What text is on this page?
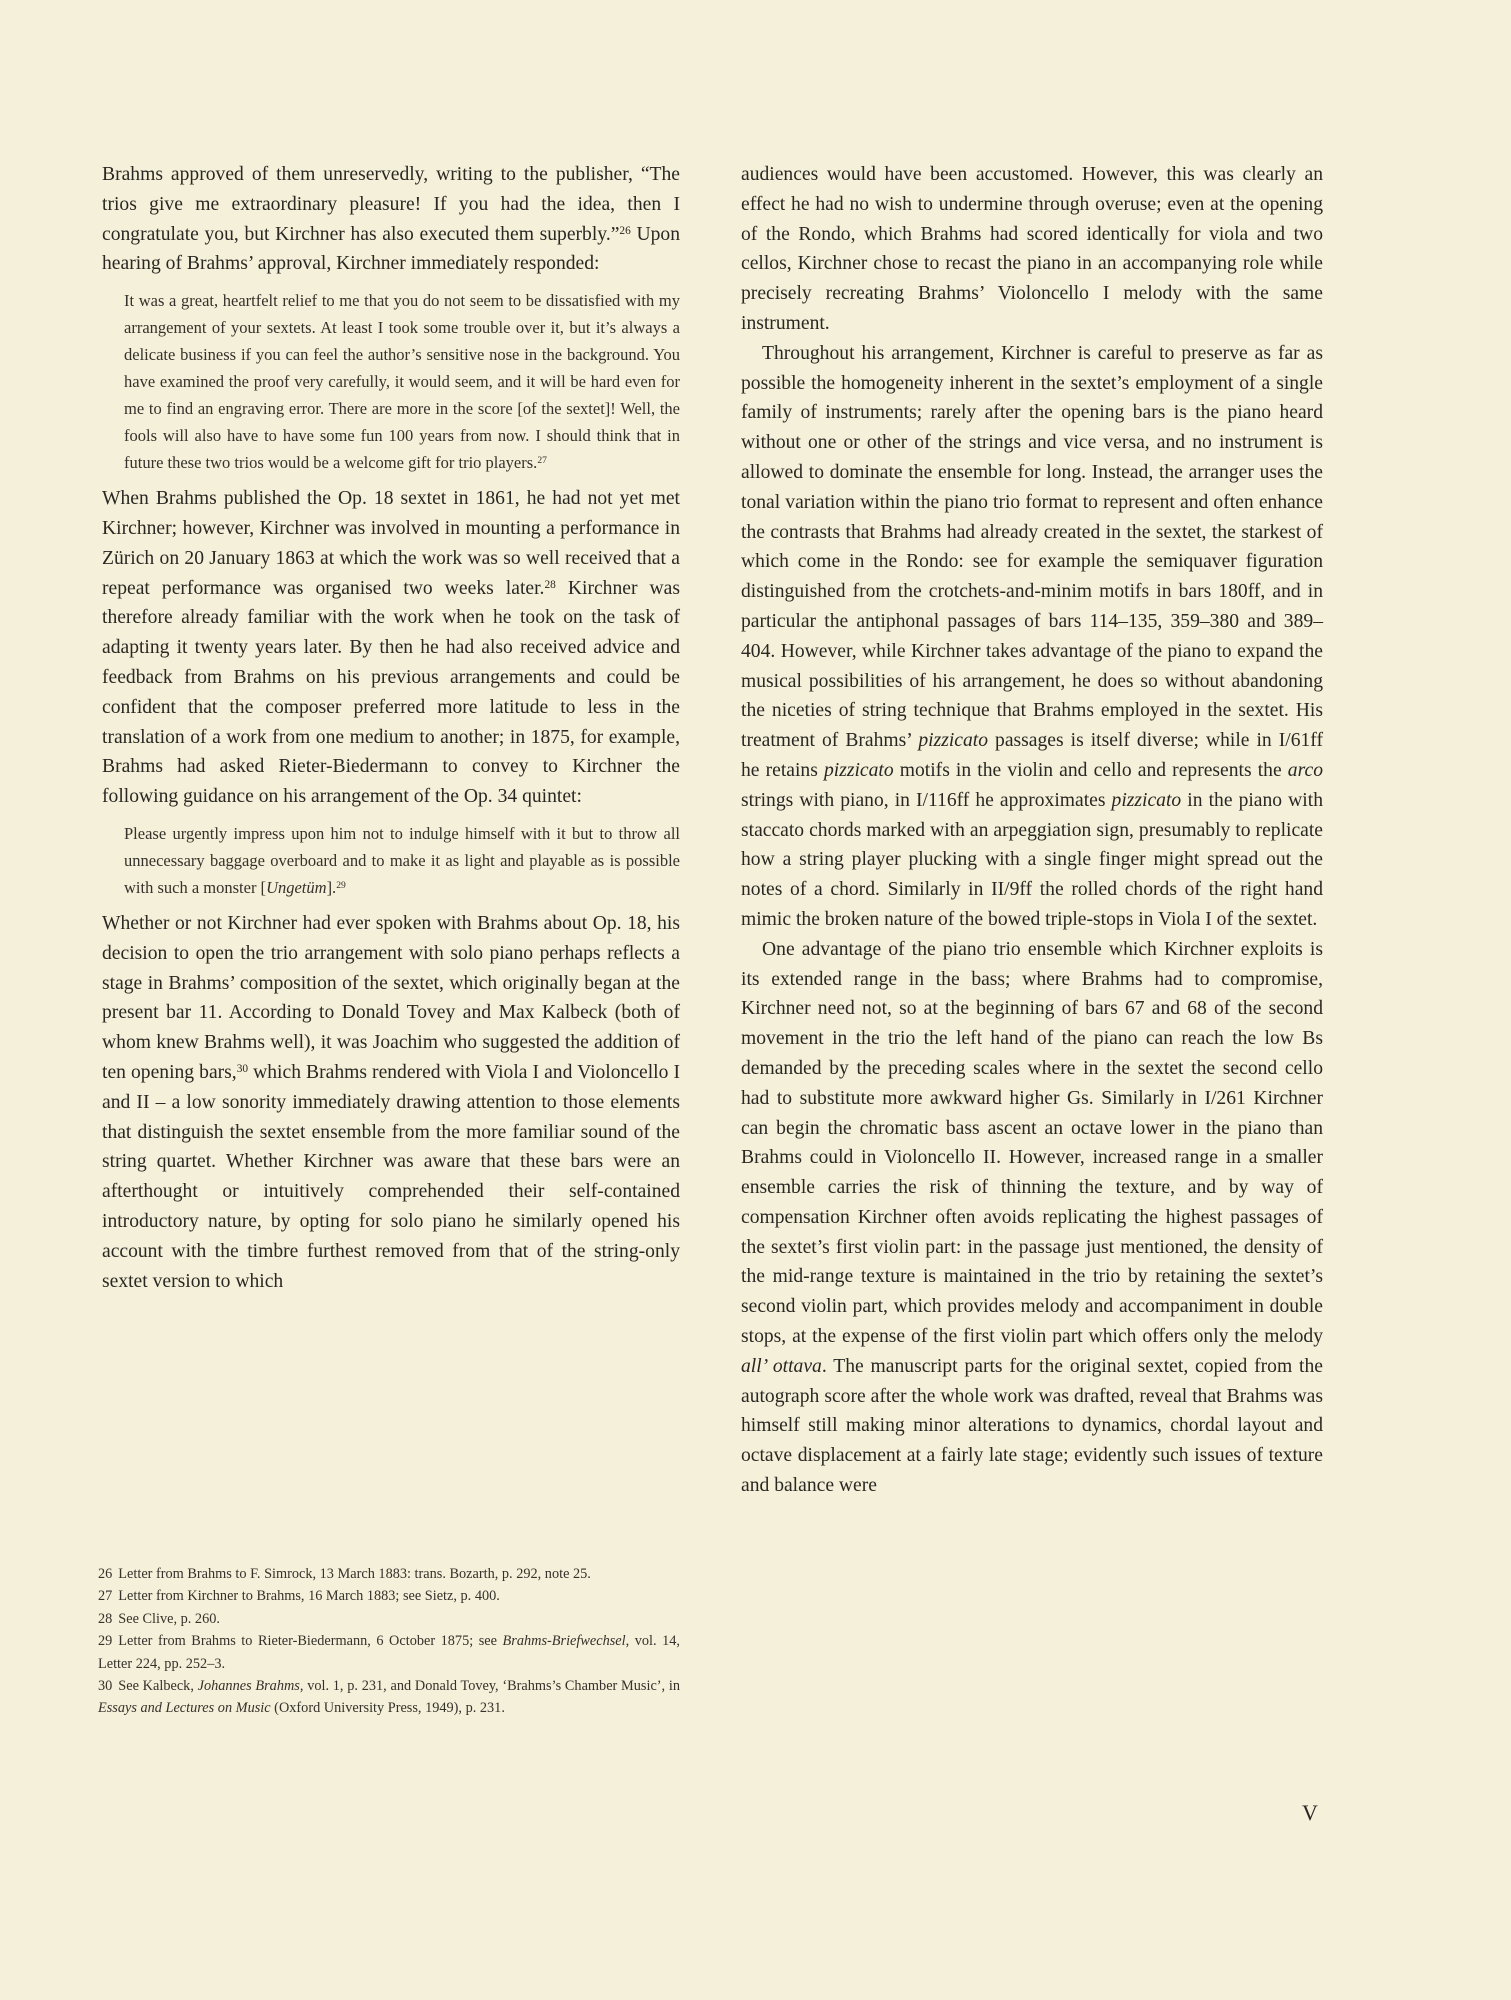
Brahms approved of them unreservedly, writing to the publisher, “The trios give me extraordinary pleasure! If you had the idea, then I congratulate you, but Kirchner has also executed them superbly.”$^{26}$ Upon hearing of Brahms’ approval, Kirchner immediately responded:

It was a great, heartfelt relief to me that you do not seem to be dissatisfied with my arrangement of your sextets. At least I took some trouble over it, but it’s always a delicate business if you can feel the author’s sensitive nose in the background. You have examined the proof very carefully, it would seem, and it will be hard even for me to find an engraving error. There are more in the score [of the sextet]! Well, the fools will also have to have some fun 100 years from now. I should think that in future these two trios would be a welcome gift for trio players.$^{27}$

When Brahms published the Op. 18 sextet in 1861, he had not yet met Kirchner; however, Kirchner was involved in mounting a performance in Zürich on 20 January 1863 at which the work was so well received that a repeat performance was organised two weeks later.$^{28}$ Kirchner was therefore already familiar with the work when he took on the task of adapting it twenty years later. By then he had also received advice and feedback from Brahms on his previous arrangements and could be confident that the composer preferred more latitude to less in the translation of a work from one medium to another; in 1875, for example, Brahms had asked Rieter-Biedermann to convey to Kirchner the following guidance on his arrangement of the Op. 34 quintet:

Please urgently impress upon him not to indulge himself with it but to throw all unnecessary baggage overboard and to make it as light and playable as is possible with such a monster [Ungetüm].$^{29}$

Whether or not Kirchner had ever spoken with Brahms about Op. 18, his decision to open the trio arrangement with solo piano perhaps reflects a stage in Brahms’ composition of the sextet, which originally began at the present bar 11. According to Donald Tovey and Max Kalbeck (both of whom knew Brahms well), it was Joachim who suggested the addition of ten opening bars,$^{30}$ which Brahms rendered with Viola I and Violoncello I and II – a low sonority immediately drawing attention to those elements that distinguish the sextet ensemble from the more familiar sound of the string quartet. Whether Kirchner was aware that these bars were an afterthought or intuitively comprehended their self-contained introductory nature, by opting for solo piano he similarly opened his account with the timbre furthest removed from that of the string-only sextet version to which

26 Letter from Brahms to F. Simrock, 13 March 1883: trans. Bozarth, p. 292, note 25.

27 Letter from Kirchner to Brahms, 16 March 1883; see Sietz, p. 400.

28 See Clive, p. 260.

29 Letter from Brahms to Rieter-Biedermann, 6 October 1875; see Brahms-Briefwechsel, vol. 14, Letter 224, pp. 252–3.

30 See Kalbeck, Johannes Brahms, vol. 1, p. 231, and Donald Tovey, ‘Brahms’s Chamber Music’, in Essays and Lectures on Music (Oxford University Press, 1949), p. 231.

audiences would have been accustomed. However, this was clearly an effect he had no wish to undermine through overuse; even at the opening of the Rondo, which Brahms had scored identically for viola and two cellos, Kirchner chose to recast the piano in an accompanying role while precisely recreating Brahms’ Violoncello I melody with the same instrument.

Throughout his arrangement, Kirchner is careful to preserve as far as possible the homogeneity inherent in the sextet’s employment of a single family of instruments; rarely after the opening bars is the piano heard without one or other of the strings and vice versa, and no instrument is allowed to dominate the ensemble for long. Instead, the arranger uses the tonal variation within the piano trio format to represent and often enhance the contrasts that Brahms had already created in the sextet, the starkest of which come in the Rondo: see for example the semiquaver figuration distinguished from the crotchets-and-minim motifs in bars 180ff, and in particular the antiphonal passages of bars 114–135, 359–380 and 389–404. However, while Kirchner takes advantage of the piano to expand the musical possibilities of his arrangement, he does so without abandoning the niceties of string technique that Brahms employed in the sextet. His treatment of Brahms’ pizzicato passages is itself diverse; while in I/61ff he retains pizzicato motifs in the violin and cello and represents the arco strings with piano, in I/116ff he approximates pizzicato in the piano with staccato chords marked with an arpeggiation sign, presumably to replicate how a string player plucking with a single finger might spread out the notes of a chord. Similarly in II/9ff the rolled chords of the right hand mimic the broken nature of the bowed triple-stops in Viola I of the sextet.

One advantage of the piano trio ensemble which Kirchner exploits is its extended range in the bass; where Brahms had to compromise, Kirchner need not, so at the beginning of bars 67 and 68 of the second movement in the trio the left hand of the piano can reach the low Bs demanded by the preceding scales where in the sextet the second cello had to substitute more awkward higher Gs. Similarly in I/261 Kirchner can begin the chromatic bass ascent an octave lower in the piano than Brahms could in Violoncello II. However, increased range in a smaller ensemble carries the risk of thinning the texture, and by way of compensation Kirchner often avoids replicating the highest passages of the sextet’s first violin part: in the passage just mentioned, the density of the mid-range texture is maintained in the trio by retaining the sextet’s second violin part, which provides melody and accompaniment in double stops, at the expense of the first violin part which offers only the melody all’ ottava. The manuscript parts for the original sextet, copied from the autograph score after the whole work was drafted, reveal that Brahms was himself still making minor alterations to dynamics, chordal layout and octave displacement at a fairly late stage; evidently such issues of texture and balance were

V
